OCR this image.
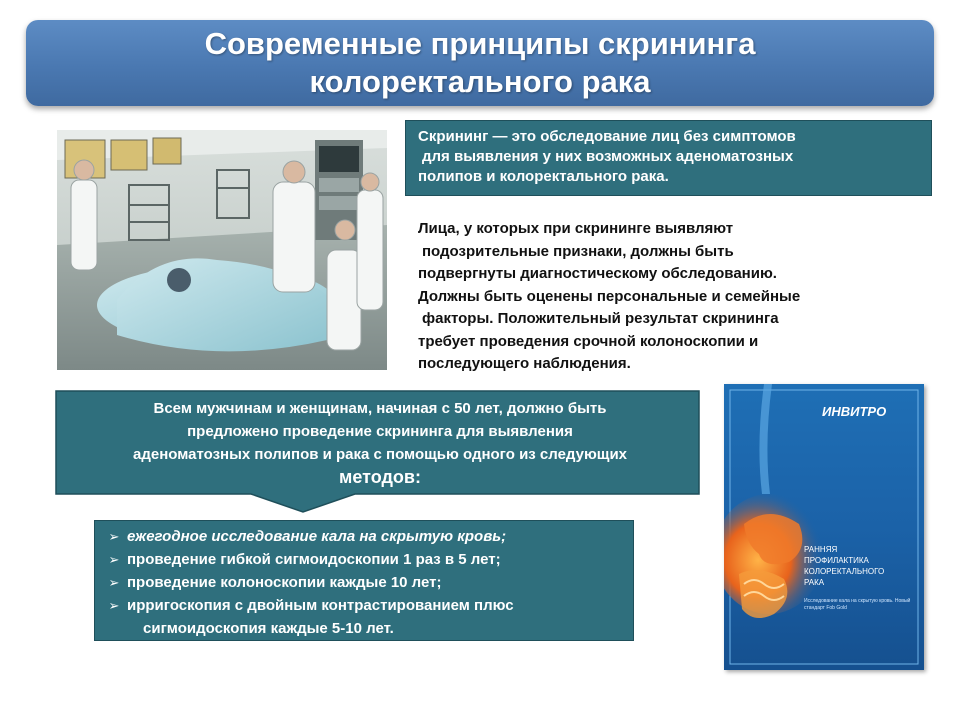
Современные принципы скрининга
колоректального рака
Скрининг — это обследование лиц без симптомов
для выявления у них возможных аденоматозных
полипов и колоректального рака.
Лица, у которых при скрининге выявляют
подозрительные признаки, должны быть
подвергнуты диагностическому обследованию.
Должны быть оценены персональные и семейные
факторы. Положительный результат скрининга
требует проведения срочной колоноскопии и
последующего наблюдения.
Всем мужчинам и женщинам, начиная с 50 лет, должно быть
предложено проведение скрининга для выявления
аденоматозных полипов и рака с помощью одного из следующих
методов:
➢ ежегодное исследование кала на скрытую кровь;
➢ проведение гибкой сигмоидоскопии 1 раз в 5 лет;
➢ проведение колоноскопии каждые 10 лет;
➢ ирригоскопия с двойным контрастированием плюс
сигмоидоскопия каждые 5-10 лет.
ИНВИТРО
РАННЯЯ
ПРОФИЛАКТИКА
КОЛОРЕКТАЛЬНОГО
РАКА
Исследование кала на скрытую кровь. Новый стандарт Fob Gold
